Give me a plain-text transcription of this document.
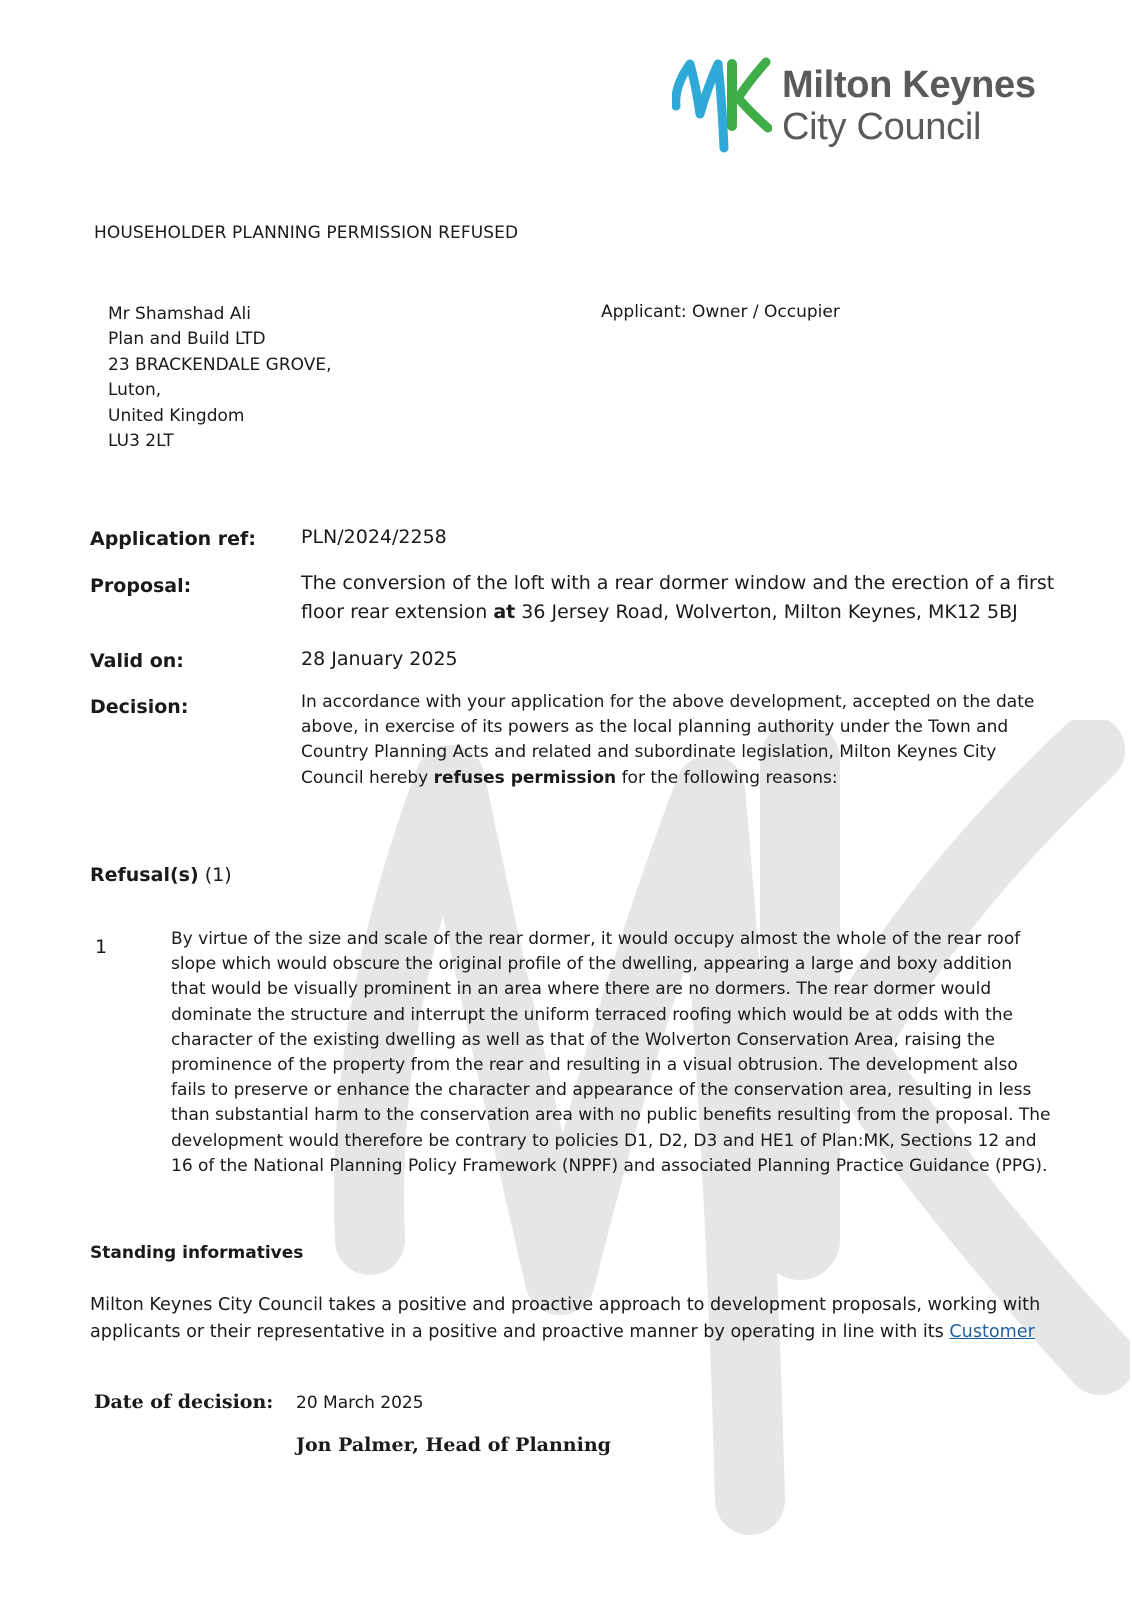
Milton Keynes
City Council
HOUSEHOLDER PLANNING PERMISSION REFUSED
Mr Shamshad Ali
Plan and Build LTD
23 BRACKENDALE GROVE,
Luton,
United Kingdom
LU3 2LT
Applicant: Owner / Occupier
Application ref: PLN/2024/2258
Proposal:	The conversion of the loft with a rear dormer window and the erection of a first floor rear extension at 36 Jersey Road, Wolverton, Milton Keynes, MK12 5BJ
Valid on:	28 January 2025
Decision:	In accordance with your application for the above development, accepted on the date above, in exercise of its powers as the local planning authority under the Town and Country Planning Acts and related and subordinate legislation, Milton Keynes City Council hereby refuses permission for the following reasons:
Refusal(s) (1)
1	By virtue of the size and scale of the rear dormer, it would occupy almost the whole of the rear roof slope which would obscure the original profile of the dwelling, appearing a large and boxy addition that would be visually prominent in an area where there are no dormers. The rear dormer would dominate the structure and interrupt the uniform terraced roofing which would be at odds with the character of the existing dwelling as well as that of the Wolverton Conservation Area, raising the prominence of the property from the rear and resulting in a visual obtrusion. The development also fails to preserve or enhance the character and appearance of the conservation area, resulting in less than substantial harm to the conservation area with no public benefits resulting from the proposal. The development would therefore be contrary to policies D1, D2, D3 and HE1 of Plan:MK, Sections 12 and 16 of the National Planning Policy Framework (NPPF) and associated Planning Practice Guidance (PPG).
Standing informatives
Milton Keynes City Council takes a positive and proactive approach to development proposals, working with applicants or their representative in a positive and proactive manner by operating in line with its Customer
Date of decision: 20 March 2025
Jon Palmer, Head of Planning
